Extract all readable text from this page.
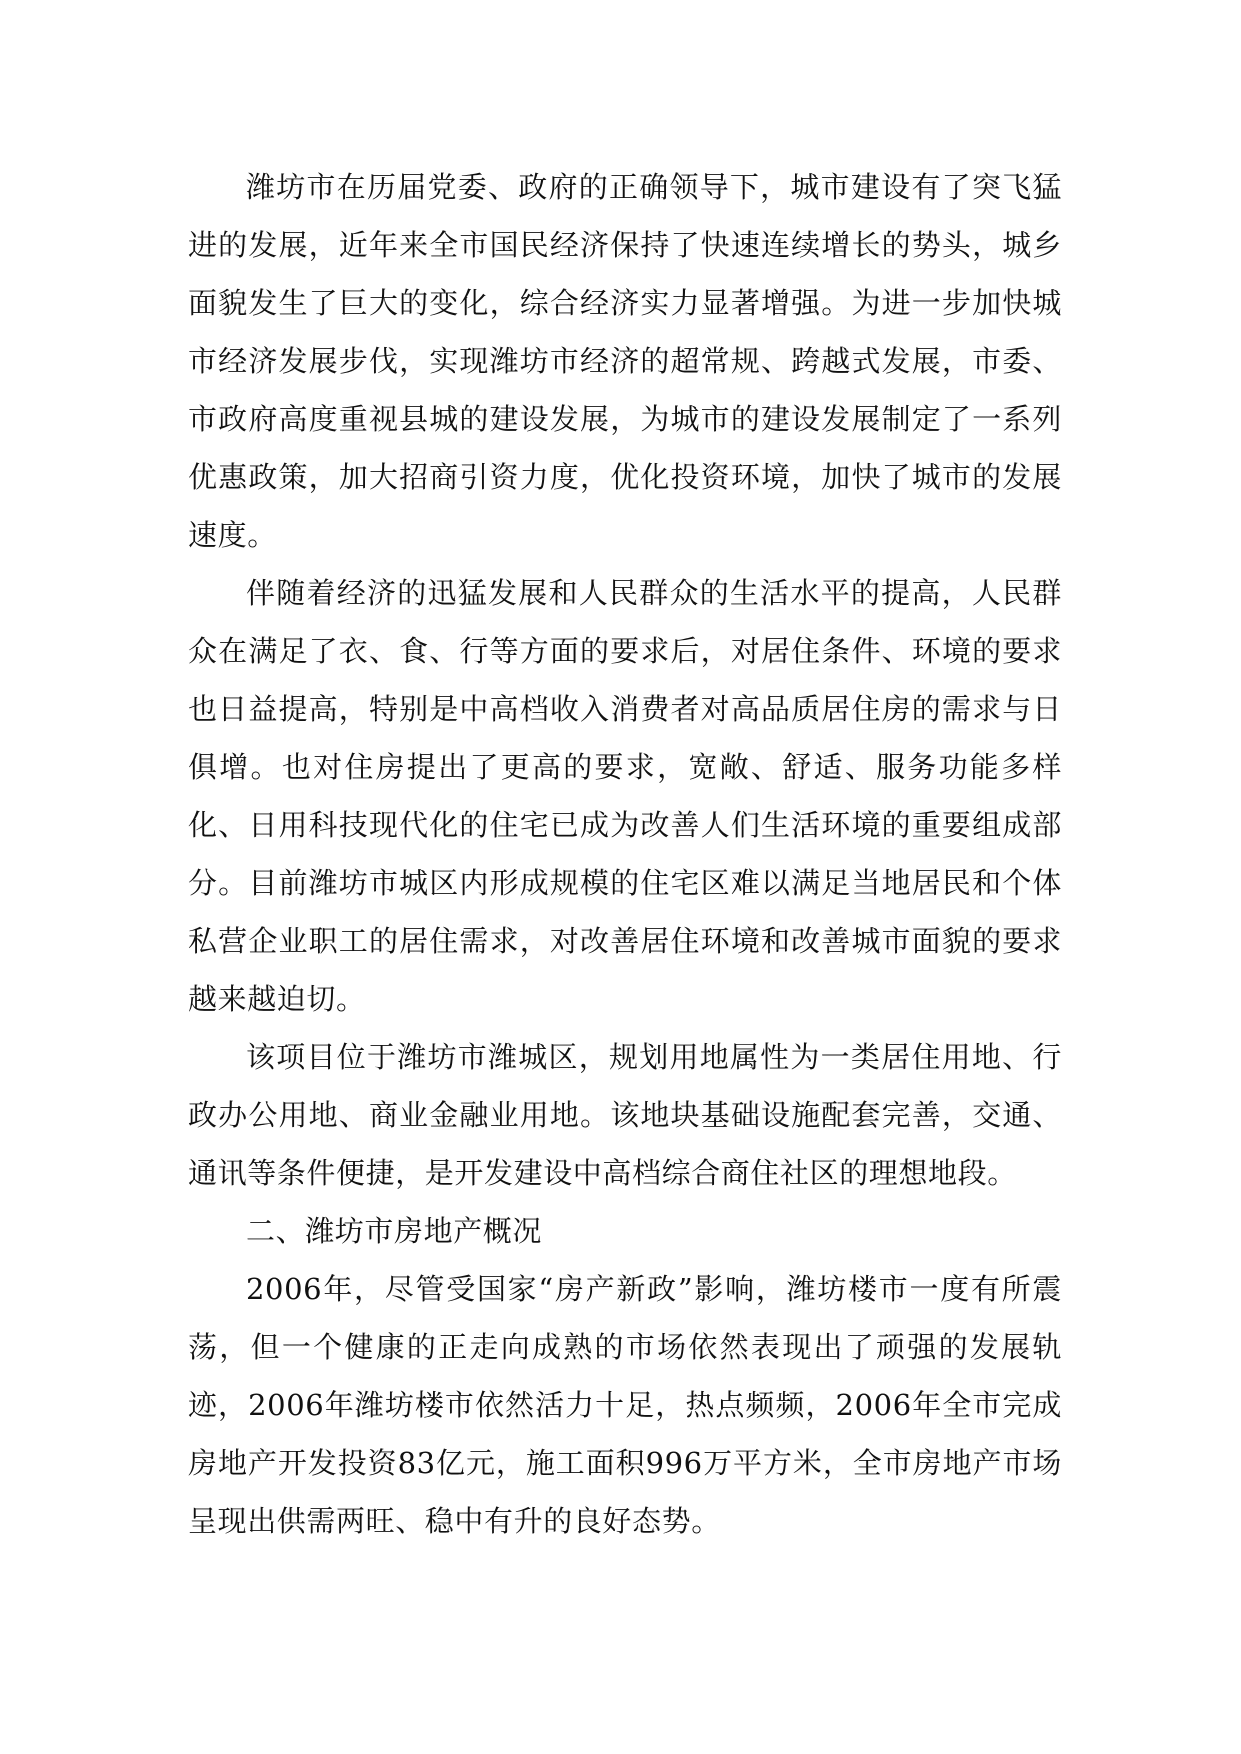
潍坊市在历届党委、政府的正确领导下，城市建设有了突飞猛进的发展，近年来全市国民经济保持了快速连续增长的势头，城乡面貌发生了巨大的变化，综合经济实力显著增强。为进一步加快城市经济发展步伐，实现潍坊市经济的超常规、跨越式发展，市委、市政府高度重视县城的建设发展，为城市的建设发展制定了一系列优惠政策，加大招商引资力度，优化投资环境，加快了城市的发展速度。

伴随着经济的迅猛发展和人民群众的生活水平的提高，人民群众在满足了衣、食、行等方面的要求后，对居住条件、环境的要求也日益提高，特别是中高档收入消费者对高品质居住房的需求与日俱增。也对住房提出了更高的要求，宽敞、舒适、服务功能多样化、日用科技现代化的住宅已成为改善人们生活环境的重要组成部分。目前潍坊市城区内形成规模的住宅区难以满足当地居民和个体私营企业职工的居住需求，对改善居住环境和改善城市面貌的要求越来越迫切。

该项目位于潍坊市潍城区，规划用地属性为一类居住用地、行政办公用地、商业金融业用地。该地块基础设施配套完善，交通、通讯等条件便捷，是开发建设中高档综合商住社区的理想地段。

二、潍坊市房地产概况

2006年，尽管受国家“房产新政”影响，潍坊楼市一度有所震荡，但一个健康的正走向成熟的市场依然表现出了顽强的发展轨迹，2006年潍坊楼市依然活力十足，热点频频，2006年全市完成房地产开发投资83亿元，施工面积996万平方米，全市房地产市场呈现出供需两旺、稳中有升的良好态势。
